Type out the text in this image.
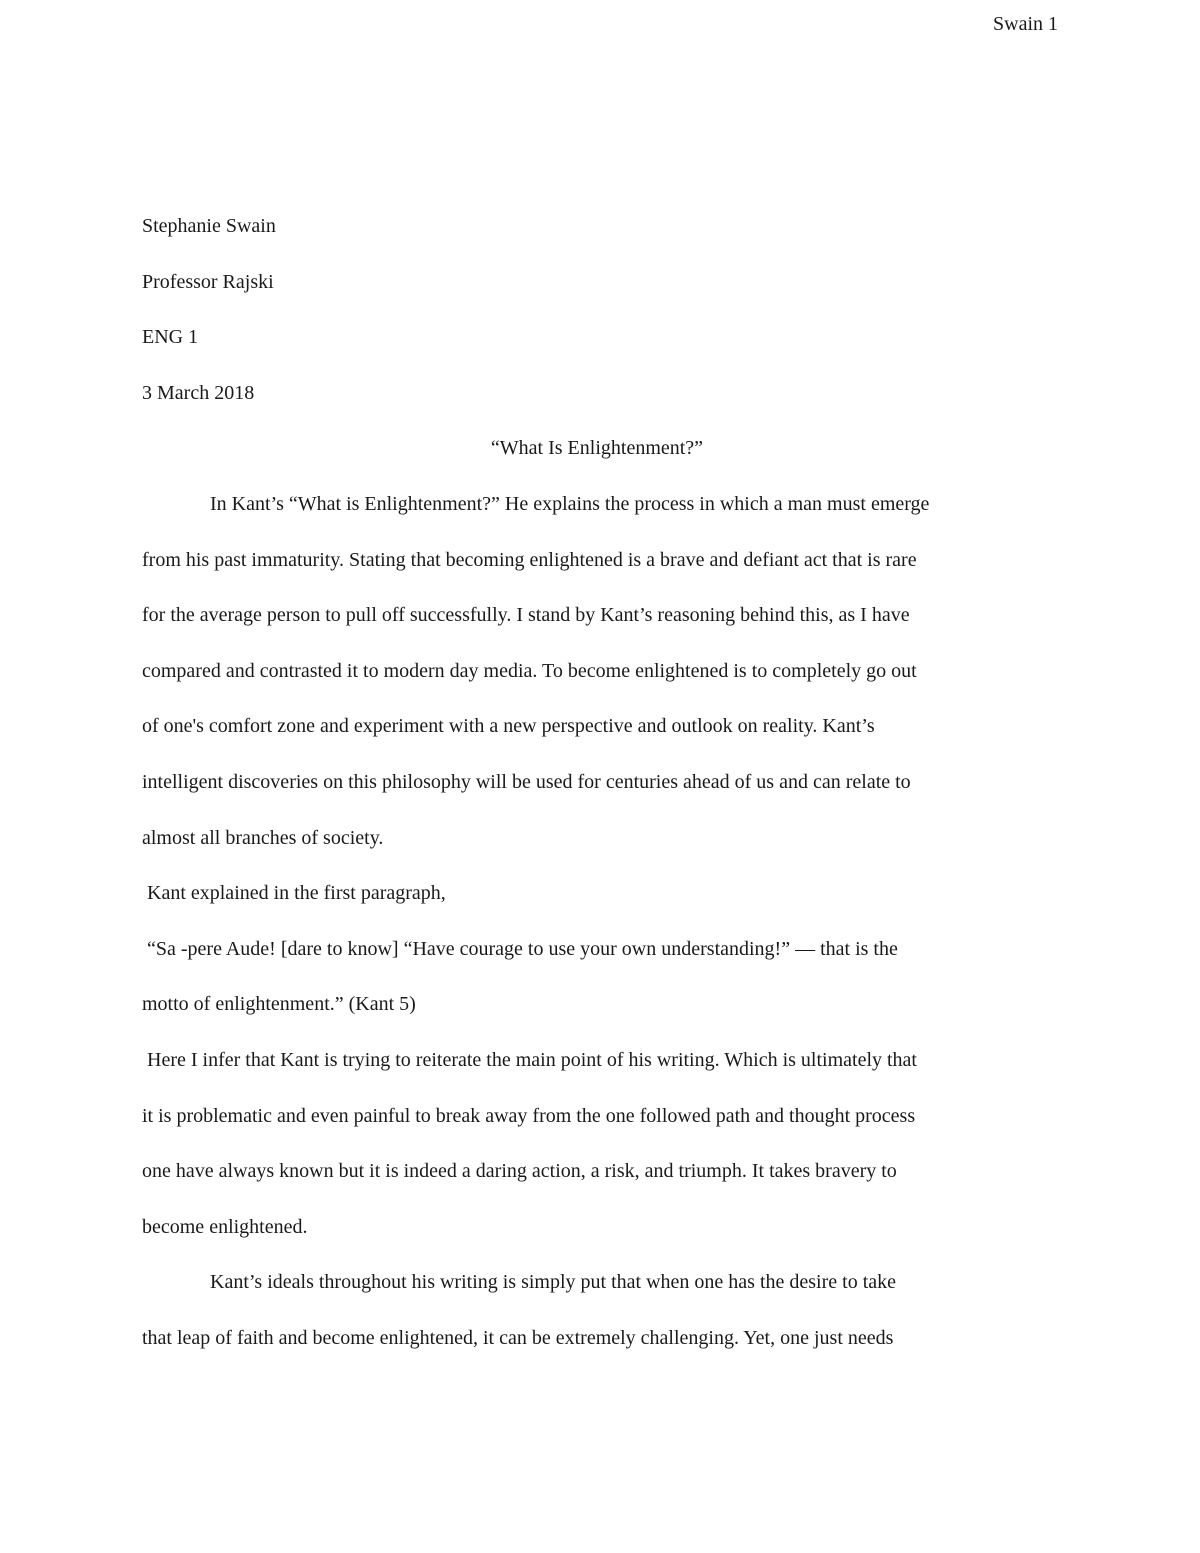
Swain 1

Stephanie Swain

Professor Rajski

ENG 1

3 March 2018

“What Is Enlightenment?”

In Kant’s “What is Enlightenment?” He explains the process in which a man must emerge

from his past immaturity. Stating that becoming enlightened is a brave and defiant act that is rare

for the average person to pull off successfully. I stand by Kant’s reasoning behind this, as I have

compared and contrasted it to modern day media. To become enlightened is to completely go out

of one's comfort zone and experiment with a new perspective and outlook on reality. Kant’s

intelligent discoveries on this philosophy will be used for centuries ahead of us and can relate to

almost all branches of society.

Kant explained in the first paragraph,

“Sa -pere Aude! [dare to know] “Have courage to use your own understanding!” — that is the

motto of enlightenment.” (Kant 5)

Here I infer that Kant is trying to reiterate the main point of his writing. Which is ultimately that

it is problematic and even painful to break away from the one followed path and thought process

one have always known but it is indeed a daring action, a risk, and triumph. It takes bravery to

become enlightened.

Kant’s ideals throughout his writing is simply put that when one has the desire to take

that leap of faith and become enlightened, it can be extremely challenging. Yet, one just needs
